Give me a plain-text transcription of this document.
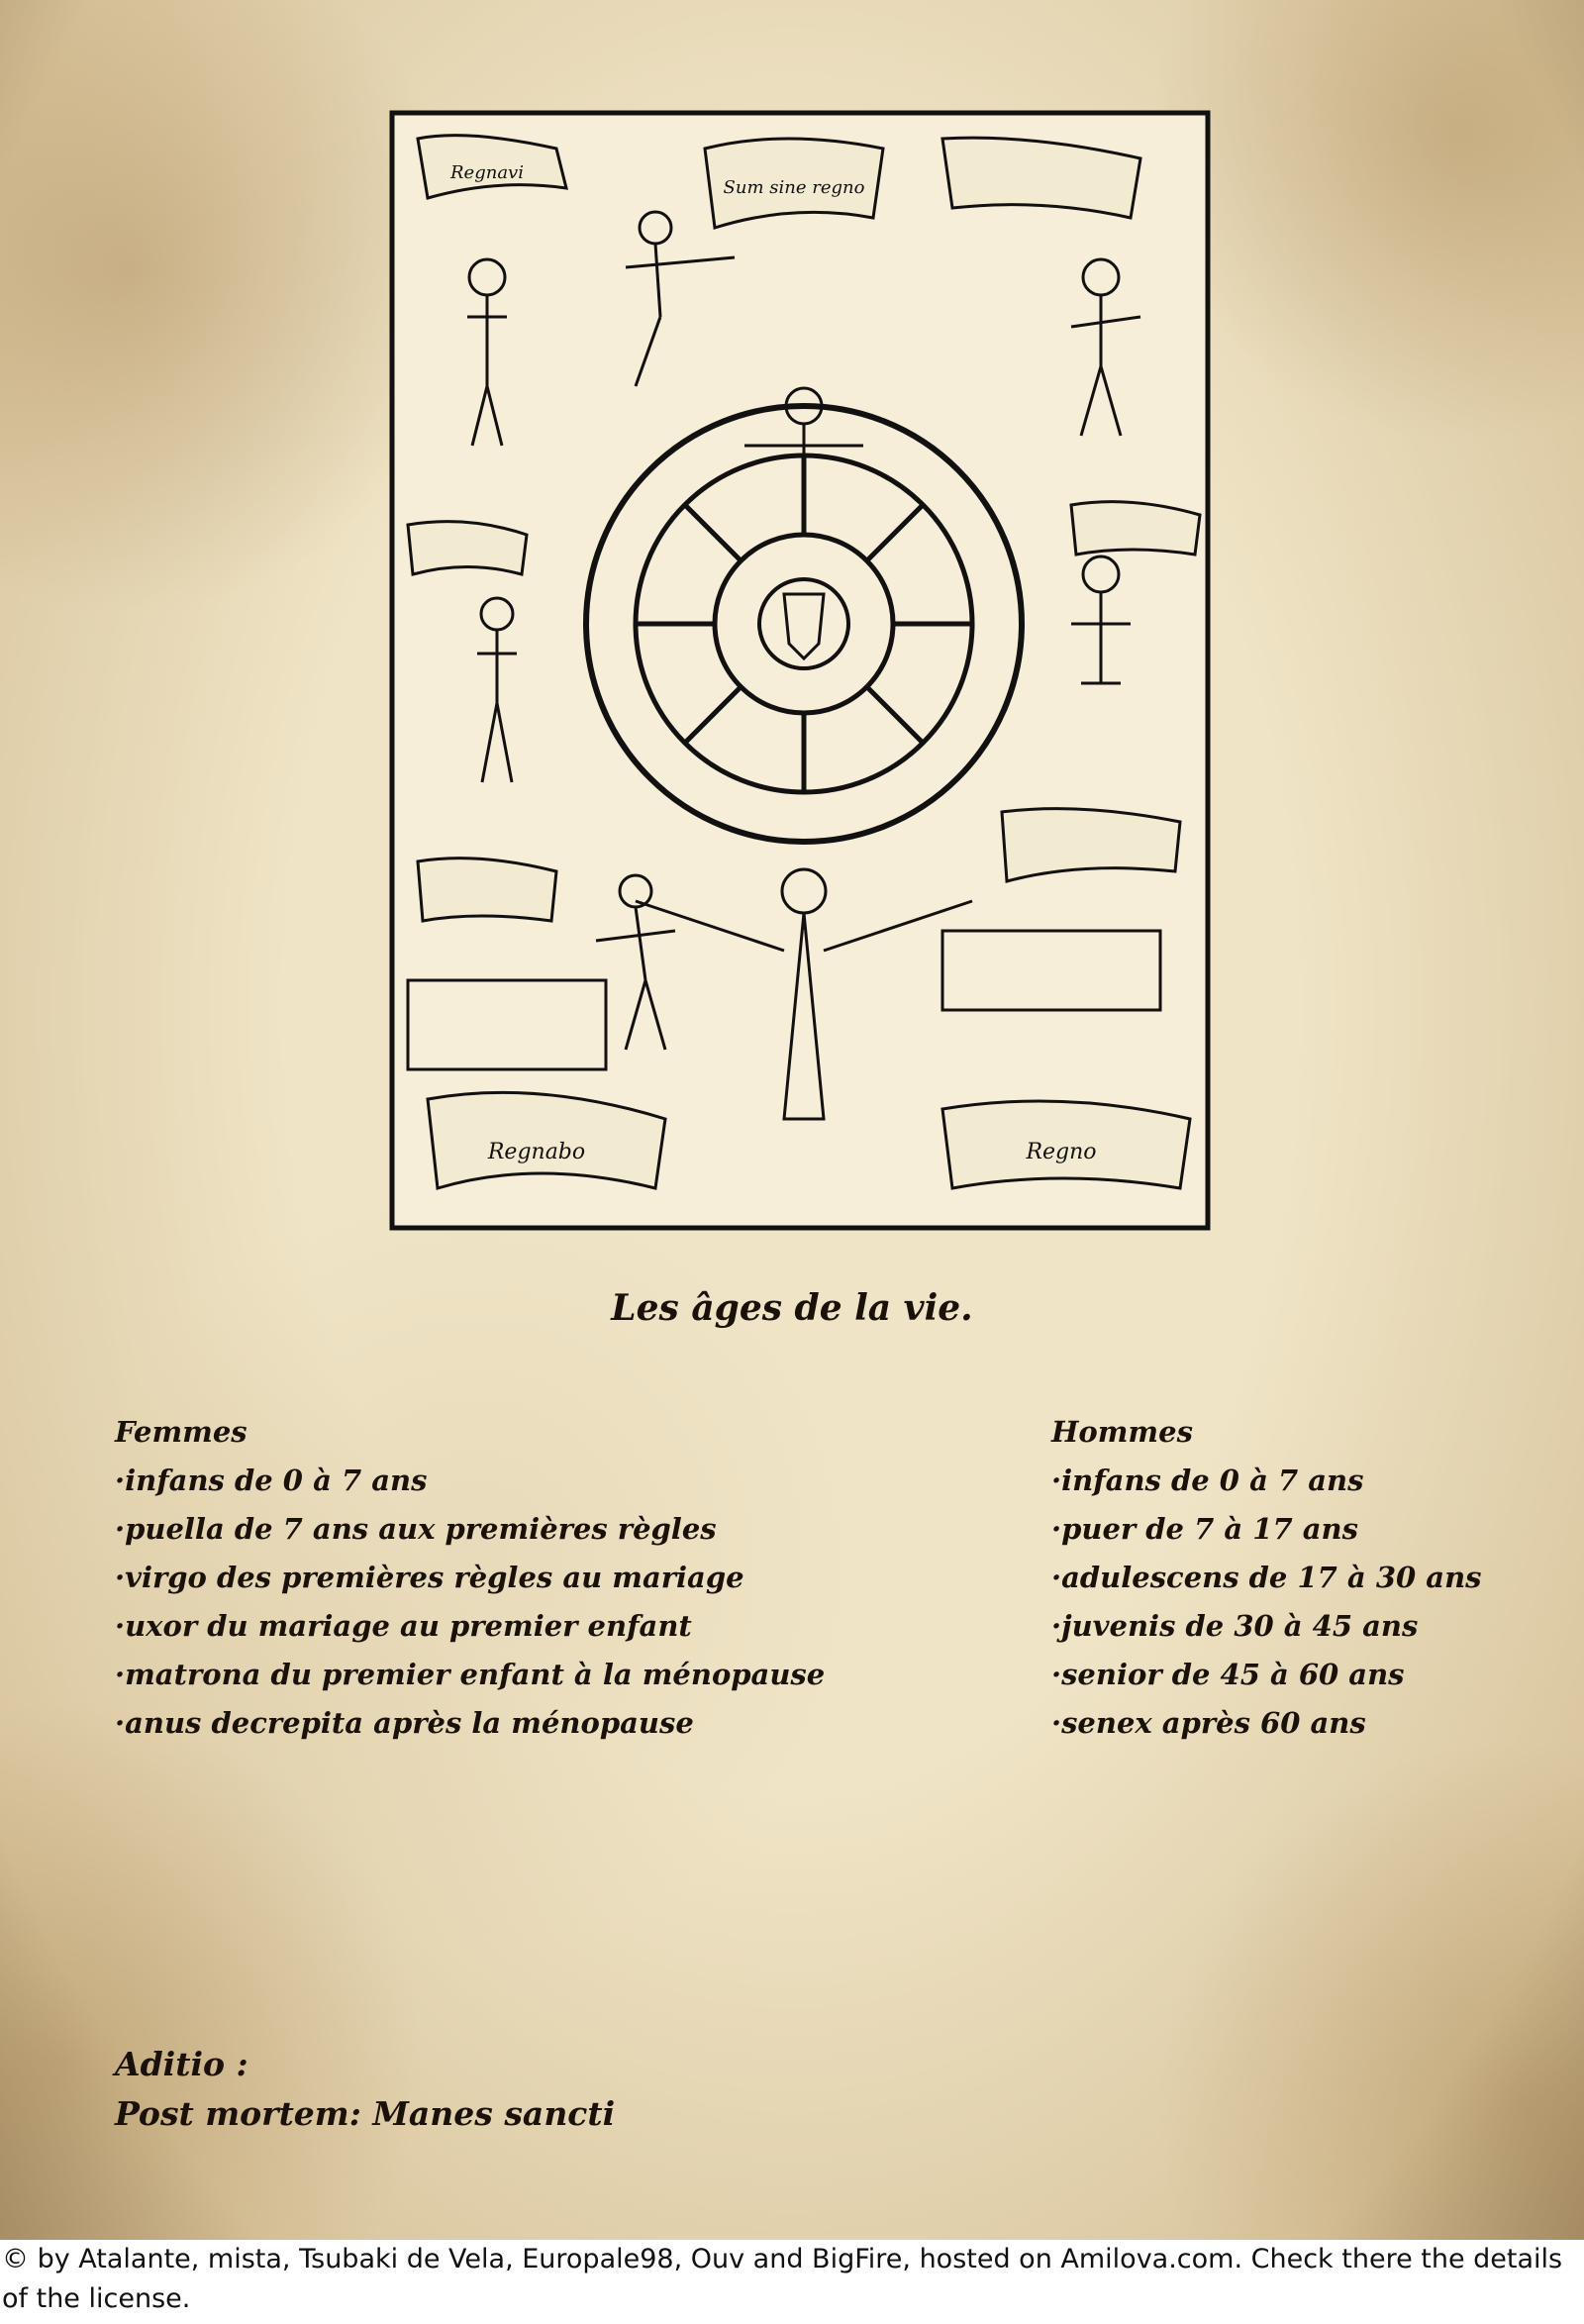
Regnabo	Regno
Regnavi
Sum sine regno
Les âges de la vie.
Femmes
·infans de 0 à 7 ans
·puella de 7 ans aux premières règles
·virgo des premières règles au mariage
·uxor du mariage au premier enfant
·matrona du premier enfant à la ménopause
·anus decrepita après la ménopause
Hommes
·infans de 0 à 7 ans
·puer de 7 à 17 ans
·adulescens de 17 à 30 ans
·juvenis de 30 à 45 ans
·senior de 45 à 60 ans
·senex après 60 ans
Aditio :
Post mortem: Manes sancti
© by Atalante, mista, Tsubaki de Vela, Europale98, Ouv and BigFire, hosted on Amilova.com. Check there the details of the license.
